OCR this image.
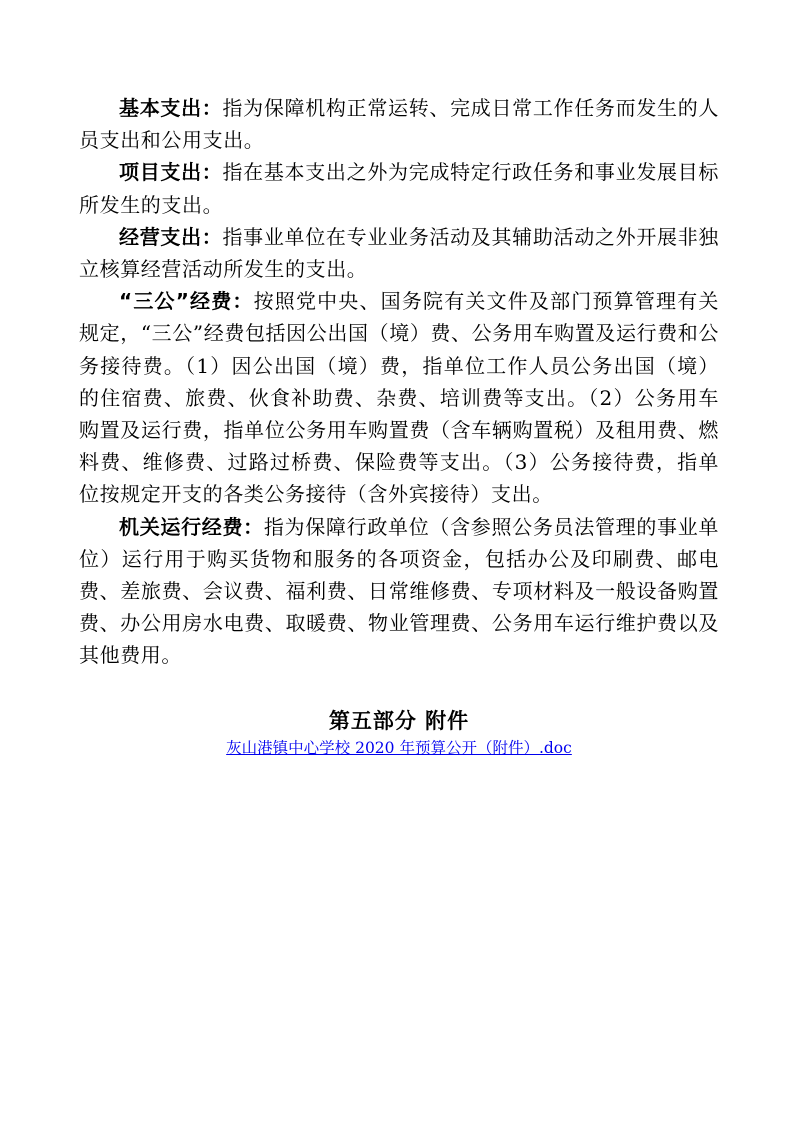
基本支出：指为保障机构正常运转、完成日常工作任务而发生的人员支出和公用支出。

项目支出：指在基本支出之外为完成特定行政任务和事业发展目标所发生的支出。

经营支出：指事业单位在专业业务活动及其辅助活动之外开展非独立核算经营活动所发生的支出。

“三公”经费：按照党中央、国务院有关文件及部门预算管理有关规定，“三公”经费包括因公出国（境）费、公务用车购置及运行费和公务接待费。（1）因公出国（境）费，指单位工作人员公务出国（境）的住宿费、旅费、伙食补助费、杂费、培训费等支出。（2）公务用车购置及运行费，指单位公务用车购置费（含车辆购置税）及租用费、燃料费、维修费、过路过桥费、保险费等支出。（3）公务接待费，指单位按规定开支的各类公务接待（含外宾接待）支出。

机关运行经费：指为保障行政单位（含参照公务员法管理的事业单位）运行用于购买货物和服务的各项资金，包括办公及印刷费、邮电费、差旅费、会议费、福利费、日常维修费、专项材料及一般设备购置费、办公用房水电费、取暖费、物业管理费、公务用车运行维护费以及其他费用。

第五部分 附件
灰山港镇中心学校 2020 年预算公开（附件）.doc
